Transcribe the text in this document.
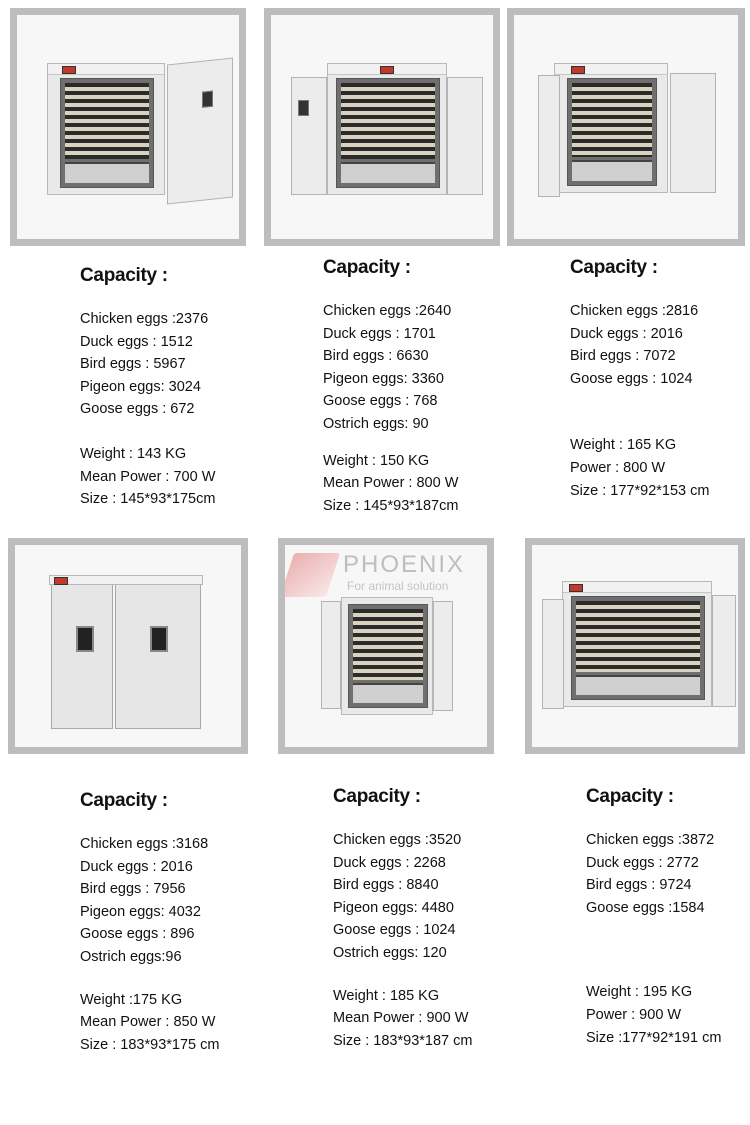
Capacity :
Chicken eggs :2376
Duck eggs : 1512
Bird eggs : 5967
Pigeon eggs: 3024
Goose eggs : 672
Weight : 143 KG
Mean Power : 700 W
Size : 145*93*175cm
Capacity :
Chicken eggs :2640
Duck eggs : 1701
Bird eggs : 6630
Pigeon eggs: 3360
Goose eggs : 768
Ostrich eggs: 90
Weight : 150 KG
Mean Power : 800 W
Size : 145*93*187cm
Capacity :
Chicken eggs :2816
Duck eggs : 2016
Bird eggs : 7072
Goose eggs : 1024
Weight : 165 KG
Power : 800 W
Size : 177*92*153 cm
PHOENIX
For animal solution
Capacity :
Chicken eggs :3168
Duck eggs : 2016
Bird eggs : 7956
Pigeon eggs: 4032
Goose eggs : 896
Ostrich eggs:96
Weight :175 KG
Mean Power : 850 W
Size : 183*93*175 cm
Capacity :
Chicken eggs :3520
Duck eggs : 2268
Bird eggs : 8840
Pigeon eggs: 4480
Goose eggs : 1024
Ostrich eggs: 120
Weight : 185 KG
Mean Power : 900 W
Size : 183*93*187 cm
Capacity :
Chicken eggs :3872
Duck eggs : 2772
Bird eggs : 9724
Goose eggs :1584
Weight : 195 KG
Power : 900 W
Size :177*92*191 cm
